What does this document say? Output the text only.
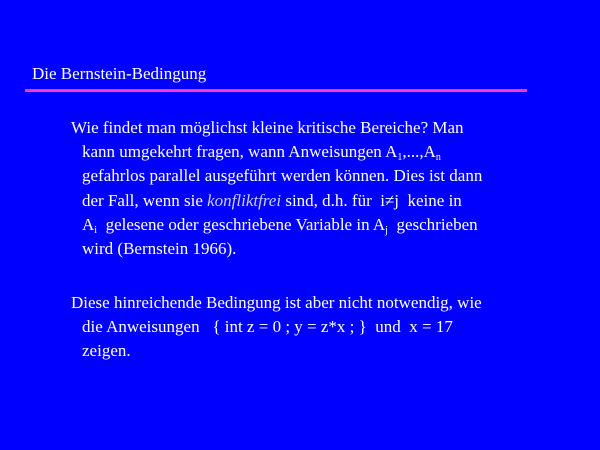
Die Bernstein-Bedingung
Wie findet man möglichst kleine kritische Bereiche? Man
kann umgekehrt fragen, wann Anweisungen $A_1,...,A_n$
gefahrlos parallel ausgeführt werden können. Dies ist dann
der Fall, wenn sie konfliktfrei sind, d.h. für  i≠j  keine in
$A_i$  gelesene oder geschriebene Variable in $A_j$  geschrieben
wird (Bernstein 1966).
Diese hinreichende Bedingung ist aber nicht notwendig, wie
die Anweisungen   { int z = 0 ; y = z*x ; }  und  x = 17
zeigen.
